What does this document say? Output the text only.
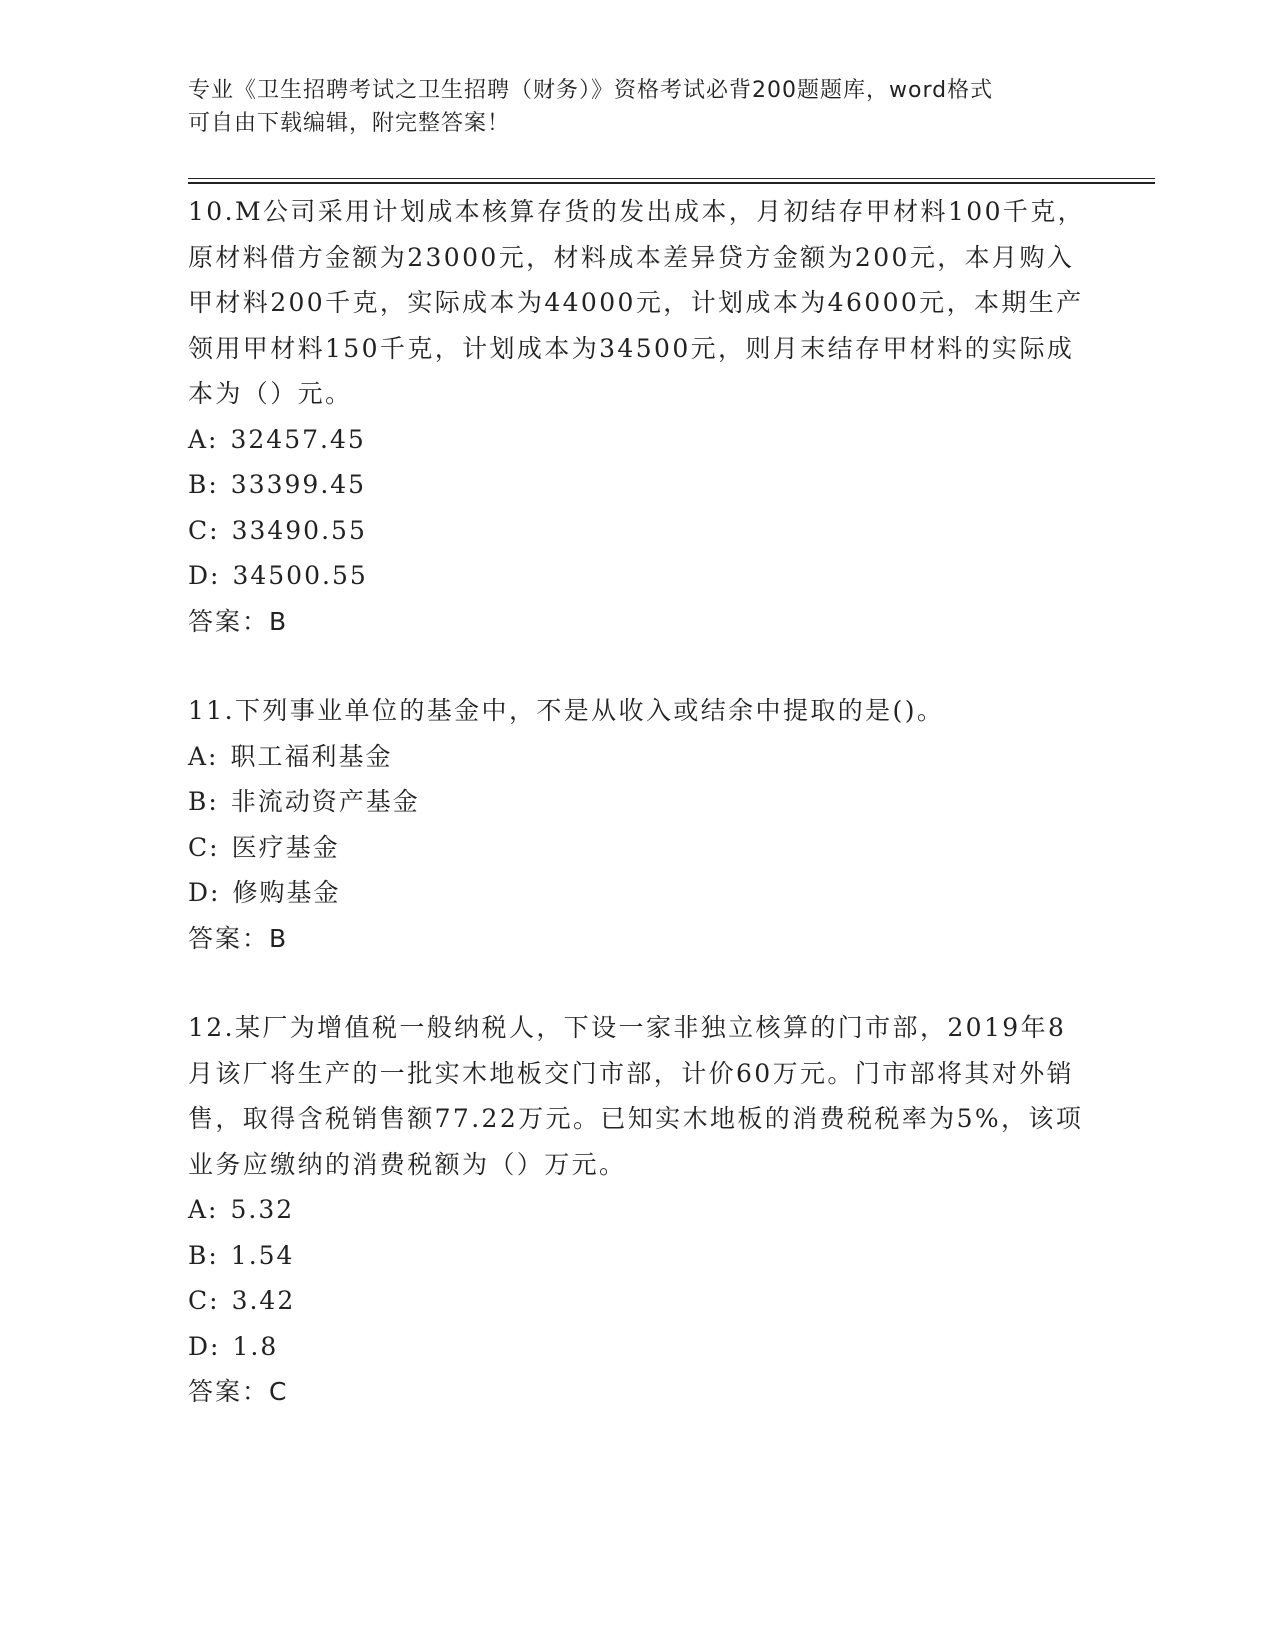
专业《卫生招聘考试之卫生招聘（财务）》资格考试必背200题题库，word格式
可自由下载编辑，附完整答案！

10.M公司采用计划成本核算存货的发出成本，月初结存甲材料100千克，原材料借方金额为23000元，材料成本差异贷方金额为200元，本月购入甲材料200千克，实际成本为44000元，计划成本为46000元，本期生产领用甲材料150千克，计划成本为34500元，则月末结存甲材料的实际成本为（）元。

A: 32457.45

B: 33399.45

C: 33490.55

D: 34500.55

答案：B

11.下列事业单位的基金中，不是从收入或结余中提取的是()。

A: 职工福利基金

B: 非流动资产基金

C: 医疗基金

D: 修购基金

答案：B

12.某厂为增值税一般纳税人，下设一家非独立核算的门市部，2019年8月该厂将生产的一批实木地板交门市部，计价60万元。门市部将其对外销售，取得含税销售额77.22万元。已知实木地板的消费税税率为5%，该项业务应缴纳的消费税额为（）万元。

A: 5.32

B: 1.54

C: 3.42

D: 1.8

答案：C
